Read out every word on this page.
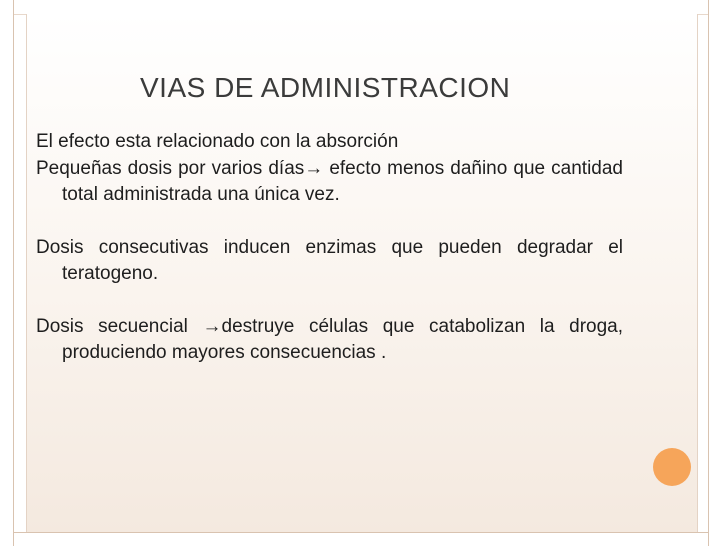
VIAS DE ADMINISTRACION

El efecto esta relacionado con la absorción

Pequeñas dosis por varios días→ efecto menos dañino que cantidad total administrada una única vez.

Dosis consecutivas inducen enzimas que pueden degradar el teratogeno.

Dosis secuencial →destruye células que catabolizan la droga, produciendo mayores consecuencias .
